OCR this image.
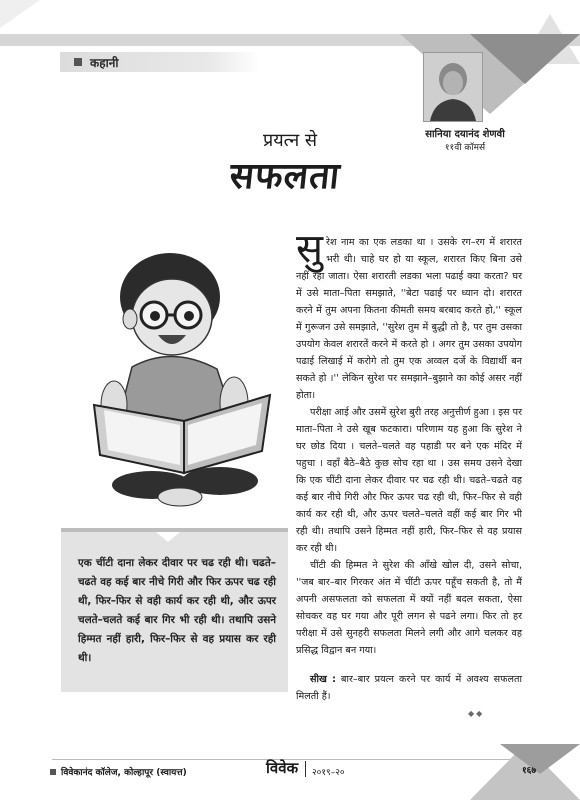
कहानी
सानिया दयानंद शेणवी
११वी कॉमर्स
प्रयत्न से
सफलता

सुरेश नाम का एक लडका था । उसके रग–रग में शरारत भरी थी। चाहे घर हो या स्कूल, शरारत किए बिना उसे नहीं रहा जाता। ऐसा शरारती लडका भला पढाई क्या करता? घर में उसे माता–पिता समझाते, ''बेटा पढाई पर ध्यान दो। शरारत करने में तुम अपना कितना कीमती समय बरबाद करते हो,'' स्कूल में गुरूजन उसे समझाते, ''सुरेश तुम में बुद्धी तो है, पर तुम उसका उपयोग केवल शरारतें करने में करते हो । अगर तुम उसका उपयोग पढाई लिखाई में करोगे तो तुम एक अव्वल दर्जे के विद्यार्थी बन सकते हो ।'' लेकिन सुरेश पर समझाने–बुझाने का कोई असर नहीं होता।

परीक्षा आई और उसमें सुरेश बुरी तरह अनुत्तीर्ण हुआ । इस पर माता–पिता ने उसे खूब फटकारा। परिणाम यह हुआ कि सुरेश ने घर छोड दिया । चलते–चलते वह पहाडी पर बने एक मंदिर में पहुचा । वहाँ बैठे–बैठे कुछ सोच रहा था । उस समय उसने देखा कि एक चींटी दाना लेकर दीवार पर चढ रही थी। चढते–चढते वह कई बार नीचे गिरी और फिर ऊपर चढ रही थी, फिर–फिर से वही कार्य कर रही थी, और ऊपर चलते–चलते वहीं कई बार गिर भी रही थी। तथापि उसने हिम्मत नहीं हारी, फिर–फिर से वह प्रयास कर रही थी।

चींटी की हिम्मत ने सुरेश की आँखे खोल दी, उसने सोचा, ''जब बार–बार गिरकर अंत में चींटी ऊपर पहूँच सकती है, तो मैं अपनी असफलता को सफलता में क्यों नहीं बदल सकता, ऐसा सोचकर वह घर गया और पूरी लगन से पढने लगा। फिर तो हर परीक्षा में उसे सुनहरी सफलता मिलने लगी और आगे चलकर वह प्रसिद्ध विद्वान बन गया।

सीख : बार–बार प्रयत्न करने पर कार्य में अवश्य सफलता मिलती हैं।

◆◆
एक चींटी दाना लेकर दीवार पर चढ रही थी। चढते–चढते वह कई बार नीचे गिरी और फिर ऊपर चढ रही थी, फिर–फिर से वही कार्य कर रही थी, और ऊपर चलते–चलते कई बार गिर भी रही थी। तथापि उसने हिम्मत नहीं हारी, फिर–फिर से वह प्रयास कर रही थी।
विवेकानंद कॉलेज, कोल्हापूर (स्वायत्त)	विवेक २०१९–२०	१६७
